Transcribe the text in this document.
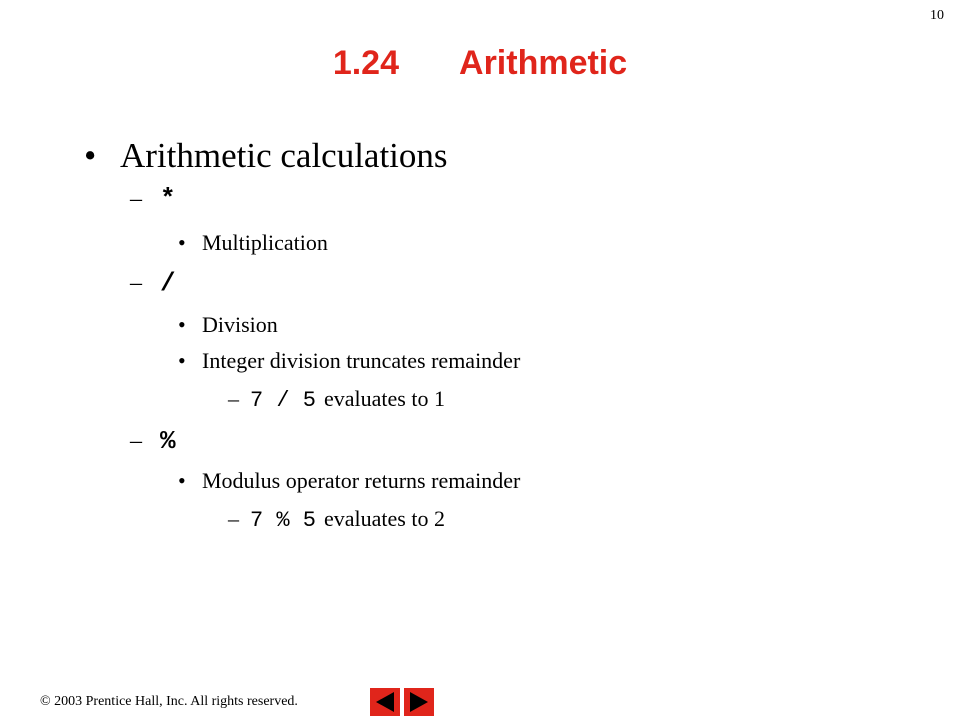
10
1.24 Arithmetic
• Arithmetic calculations
– *
• Multiplication
– /
• Division
• Integer division truncates remainder
– 7 / 5 evaluates to 1
– %
• Modulus operator returns remainder
– 7 % 5 evaluates to 2
© 2003 Prentice Hall, Inc. All rights reserved.
